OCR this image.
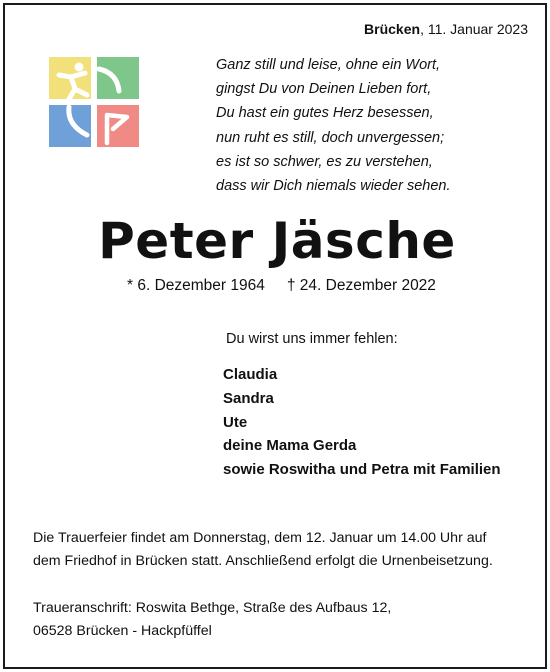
Brücken, 11. Januar 2023
Ganz still und leise, ohne ein Wort,
gingst Du von Deinen Lieben fort,
Du hast ein gutes Herz besessen,
nun ruht es still, doch unvergessen;
es ist so schwer, es zu verstehen,
dass wir Dich niemals wieder sehen.
Peter Jäsche
* 6. Dezember 1964 † 24. Dezember 2022
Du wirst uns immer fehlen:
Claudia
Sandra
Ute
deine Mama Gerda
sowie Roswitha und Petra mit Familien
Die Trauerfeier findet am Donnerstag, dem 12. Januar um 14.00 Uhr auf
dem Friedhof in Brücken statt. Anschließend erfolgt die Urnenbeisetzung.
Traueranschrift: Roswita Bethge, Straße des Aufbaus 12,
06528 Brücken - Hackpfüffel
